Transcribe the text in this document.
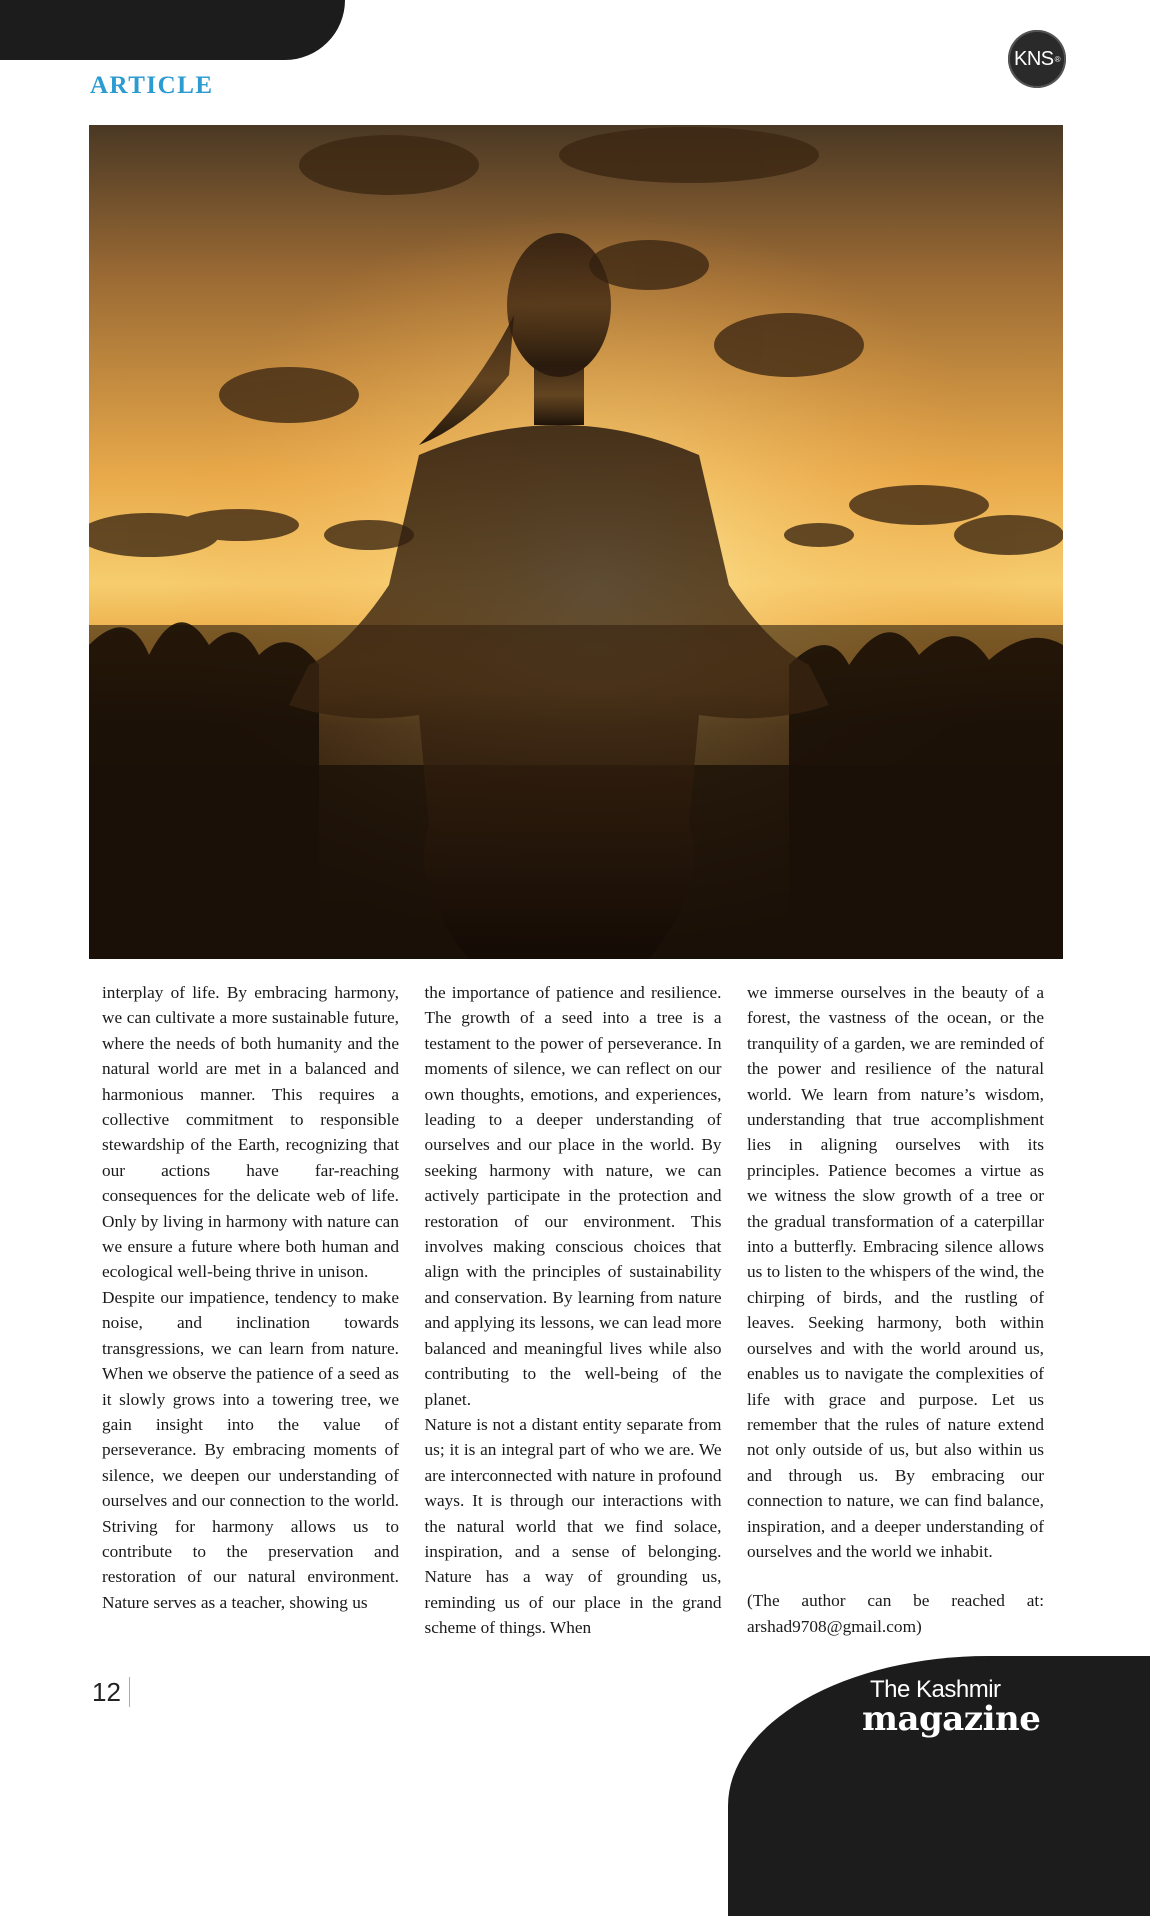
ARTICLE
KNS ®

interplay of life. By embracing harmony, we can cultivate a more sustainable future, where the needs of both humanity and the natural world are met in a balanced and harmonious manner. This requires a collective commitment to responsible stewardship of the Earth, recognizing that our actions have far-reaching consequences for the delicate web of life. Only by living in harmony with nature can we ensure a future where both human and ecological well-being thrive in unison.

Despite our impatience, tendency to make noise, and inclination towards transgressions, we can learn from nature. When we observe the patience of a seed as it slowly grows into a towering tree, we gain insight into the value of perseverance. By embracing moments of silence, we deepen our understanding of ourselves and our connection to the world. Striving for harmony allows us to contribute to the preservation and restoration of our natural environment. Nature serves as a teacher, showing us

the importance of patience and resilience. The growth of a seed into a tree is a testament to the power of perseverance. In moments of silence, we can reflect on our own thoughts, emotions, and experiences, leading to a deeper understanding of ourselves and our place in the world. By seeking harmony with nature, we can actively participate in the protection and restoration of our environment. This involves making conscious choices that align with the principles of sustainability and conservation. By learning from nature and applying its lessons, we can lead more balanced and meaningful lives while also contributing to the well-being of the planet.

Nature is not a distant entity separate from us; it is an integral part of who we are. We are interconnected with nature in profound ways. It is through our interactions with the natural world that we find solace, inspiration, and a sense of belonging. Nature has a way of grounding us, reminding us of our place in the grand scheme of things. When

we immerse ourselves in the beauty of a forest, the vastness of the ocean, or the tranquility of a garden, we are reminded of the power and resilience of the natural world. We learn from nature’s wisdom, understanding that true accomplishment lies in aligning ourselves with its principles. Patience becomes a virtue as we witness the slow growth of a tree or the gradual transformation of a caterpillar into a butterfly. Embracing silence allows us to listen to the whispers of the wind, the chirping of birds, and the rustling of leaves. Seeking harmony, both within ourselves and with the world around us, enables us to navigate the complexities of life with grace and purpose. Let us remember that the rules of nature extend not only outside of us, but also within us and through us. By embracing our connection to nature, we can find balance, inspiration, and a deeper understanding of ourselves and the world we inhabit.

(The author can be reached at: arshad9708@gmail.com)

12	The Kashmir
magazine
